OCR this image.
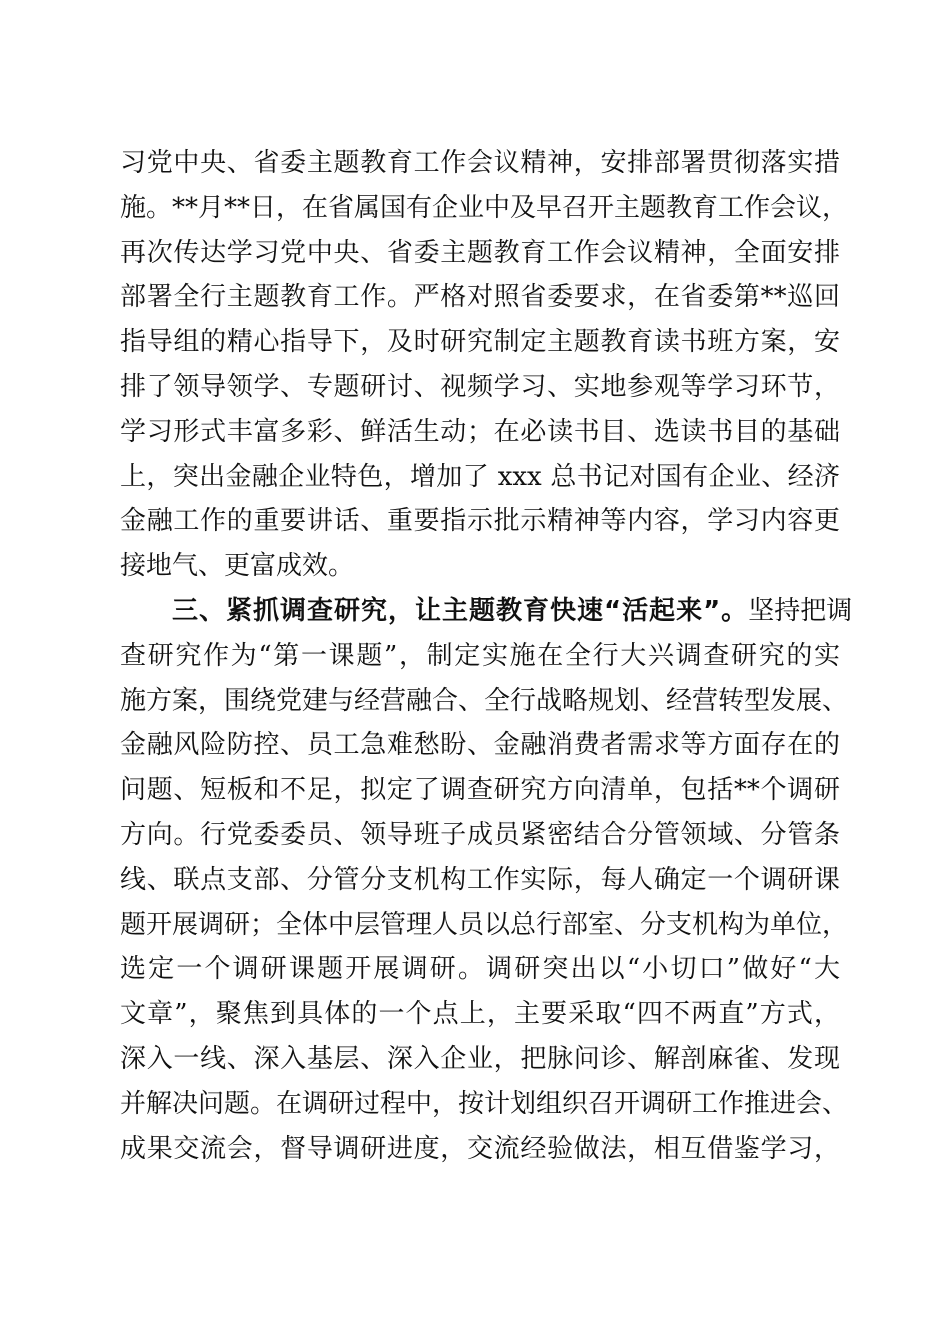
习党中央、省委主题教育工作会议精神，安排部署贯彻落实措
施。**月**日，在省属国有企业中及早召开主题教育工作会议，
再次传达学习党中央、省委主题教育工作会议精神，全面安排
部署全行主题教育工作。严格对照省委要求，在省委第**巡回
指导组的精心指导下，及时研究制定主题教育读书班方案，安
排了领导领学、专题研讨、视频学习、实地参观等学习环节，
学习形式丰富多彩、鲜活生动；在必读书目、选读书目的基础
上，突出金融企业特色，增加了 xxx 总书记对国有企业、经济
金融工作的重要讲话、重要指示批示精神等内容，学习内容更
接地气、更富成效。
三、紧抓调查研究，让主题教育快速“活起来”。坚持把调
查研究作为“第一课题”，制定实施在全行大兴调查研究的实
施方案，围绕党建与经营融合、全行战略规划、经营转型发展、
金融风险防控、员工急难愁盼、金融消费者需求等方面存在的
问题、短板和不足，拟定了调查研究方向清单，包括**个调研
方向。行党委委员、领导班子成员紧密结合分管领域、分管条
线、联点支部、分管分支机构工作实际，每人确定一个调研课
题开展调研；全体中层管理人员以总行部室、分支机构为单位，
选定一个调研课题开展调研。调研突出以“小切口”做好“大
文章”，聚焦到具体的一个点上，主要采取“四不两直”方式，
深入一线、深入基层、深入企业，把脉问诊、解剖麻雀、发现
并解决问题。在调研过程中，按计划组织召开调研工作推进会、
成果交流会，督导调研进度，交流经验做法，相互借鉴学习，
